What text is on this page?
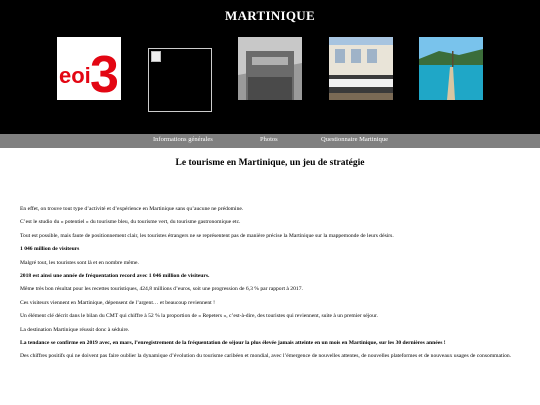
MARTINIQUE
eoi 3
Informations générales	Photos	Questionnaire Martinique
Le tourisme en Martinique, un jeu de stratégie

En effet, on trouve tout type d’activité et d’expérience en Martinique sans qu’aucune ne prédomine.

C’est le studio du « potentiel » du tourisme bleu, du tourisme vert, du tourisme gastronomique etc.

Tout est possible, mais faute de positionnement clair, les touristes étrangers ne se représentent pas de manière précise la Martinique sur la mappemonde de leurs désirs.

1 046 million de visiteurs

Malgré tout, les touristes sont là et en nombre même.

2018 est ainsi une année de fréquentation record avec 1 046 million de visiteurs.

Même très bon résultat pour les recettes touristiques, 424,8 millions d’euros, soit une progression de 6,3 % par rapport à 2017.

Ces visiteurs viennent en Martinique, dépensent de l’argent… et beaucoup reviennent !

Un élément clé décrit dans le bilan du CMT qui chiffre à 52 % la proportion de « Repeters », c’est-à-dire, des touristes qui reviennent, suite à un premier séjour.

La destination Martinique réussit donc à séduire.

La tendance se confirme en 2019 avec, en mars, l’enregistrement de la fréquentation de séjour la plus élevée jamais atteinte en un mois en Martinique, sur les 30 dernières années !

Des chiffres positifs qui ne doivent pas faire oublier la dynamique d’évolution du tourisme caribéen et mondial, avec l’émergence de nouvelles attentes, de nouvelles plateformes et de nouveaux usages de consommation.
